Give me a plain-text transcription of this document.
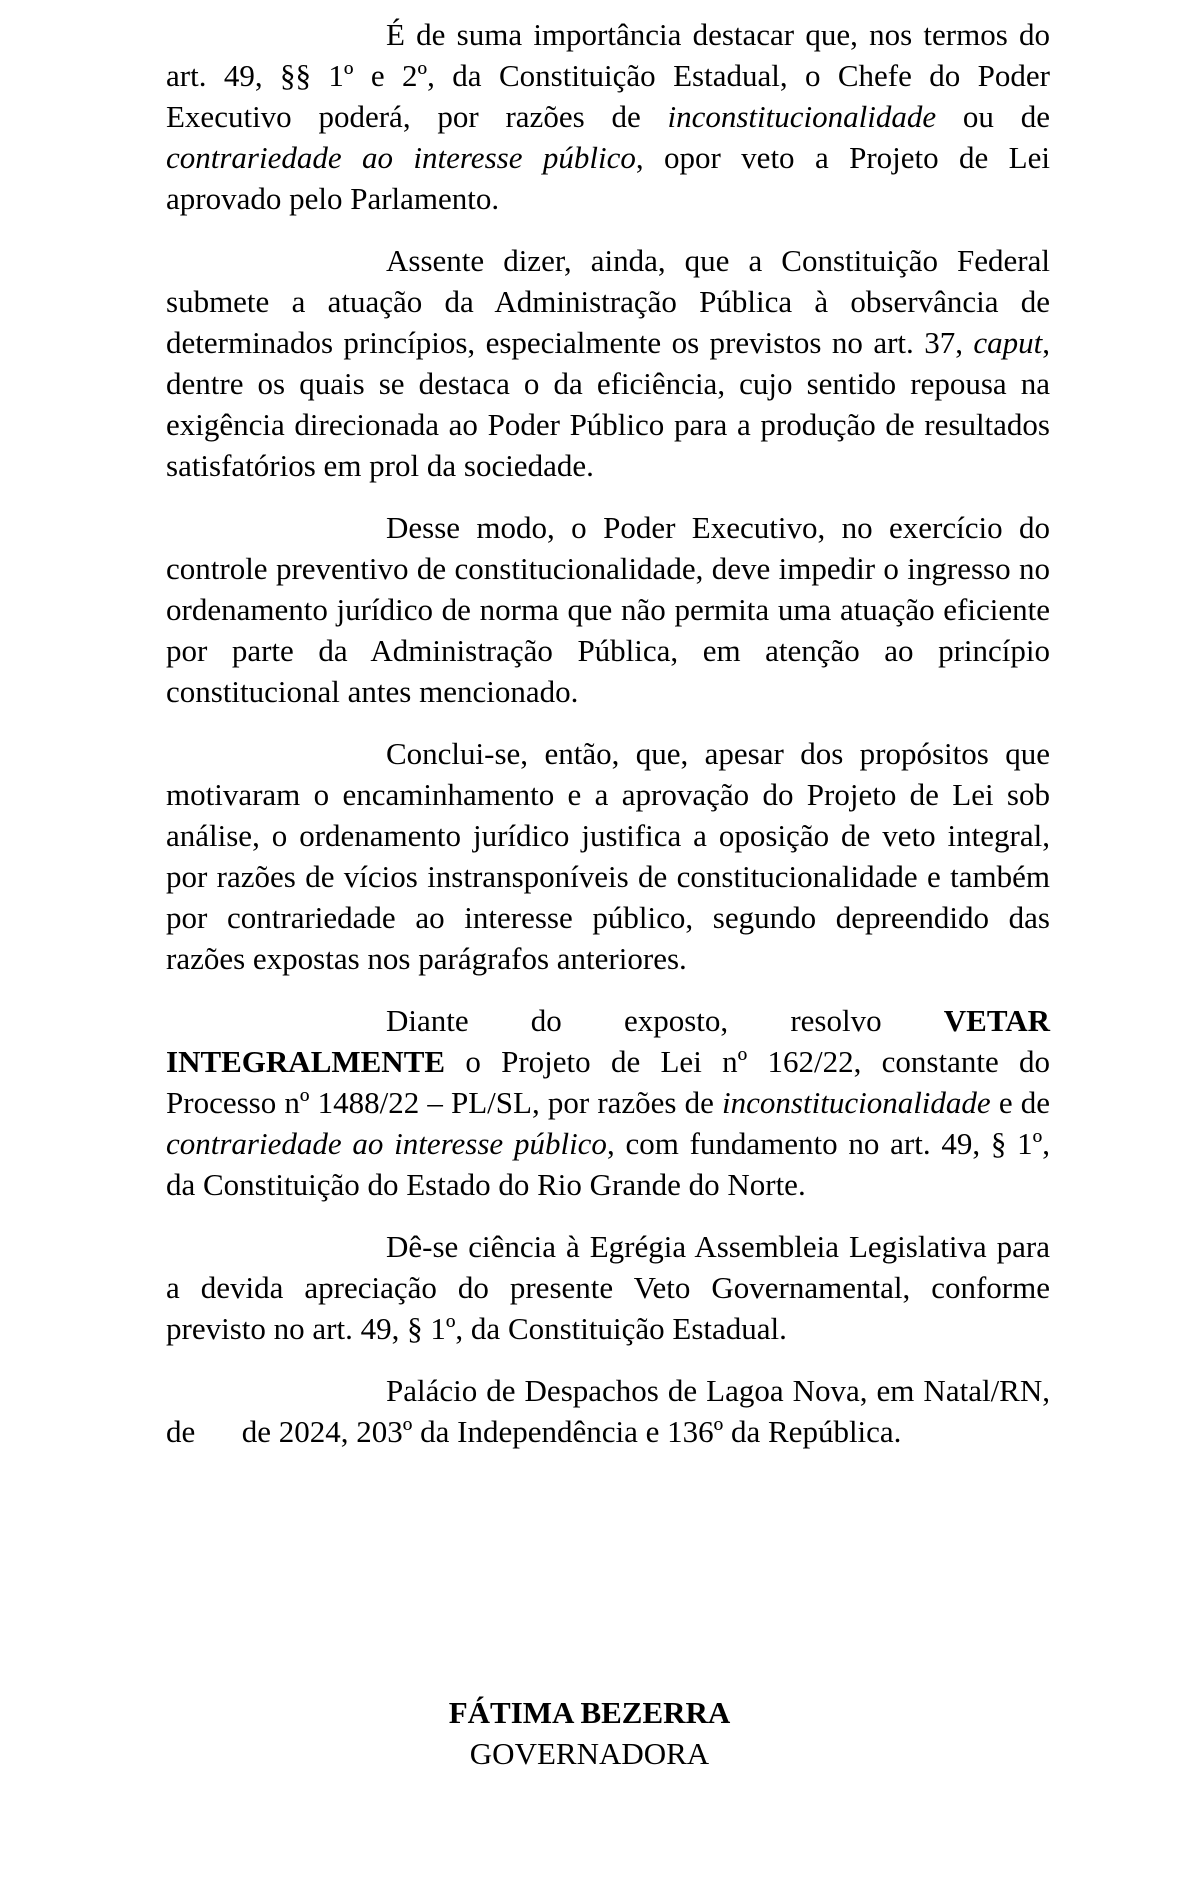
É de suma importância destacar que, nos termos do art. 49, §§ 1º e 2º, da Constituição Estadual, o Chefe do Poder Executivo poderá, por razões de inconstitucionalidade ou de contrariedade ao interesse público, opor veto a Projeto de Lei aprovado pelo Parlamento.

Assente dizer, ainda, que a Constituição Federal submete a atuação da Administração Pública à observância de determinados princípios, especialmente os previstos no art. 37, caput, dentre os quais se destaca o da eficiência, cujo sentido repousa na exigência direcionada ao Poder Público para a produção de resultados satisfatórios em prol da sociedade.

Desse modo, o Poder Executivo, no exercício do controle preventivo de constitucionalidade, deve impedir o ingresso no ordenamento jurídico de norma que não permita uma atuação eficiente por parte da Administração Pública, em atenção ao princípio constitucional antes mencionado.

Conclui-se, então, que, apesar dos propósitos que motivaram o encaminhamento e a aprovação do Projeto de Lei sob análise, o ordenamento jurídico justifica a oposição de veto integral, por razões de vícios instransponíveis de constitucionalidade e também por contrariedade ao interesse público, segundo depreendido das razões expostas nos parágrafos anteriores.

Diante do exposto, resolvo VETAR INTEGRALMENTE o Projeto de Lei nº 162/22, constante do Processo nº 1488/22 – PL/SL, por razões de inconstitucionalidade e de contrariedade ao interesse público, com fundamento no art. 49, § 1º, da Constituição do Estado do Rio Grande do Norte.

Dê-se ciência à Egrégia Assembleia Legislativa para a devida apreciação do presente Veto Governamental, conforme previsto no art. 49, § 1º, da Constituição Estadual.

Palácio de Despachos de Lagoa Nova, em Natal/RN,    de      de 2024, 203º da Independência e 136º da República.

FÁTIMA BEZERRA
GOVERNADORA
